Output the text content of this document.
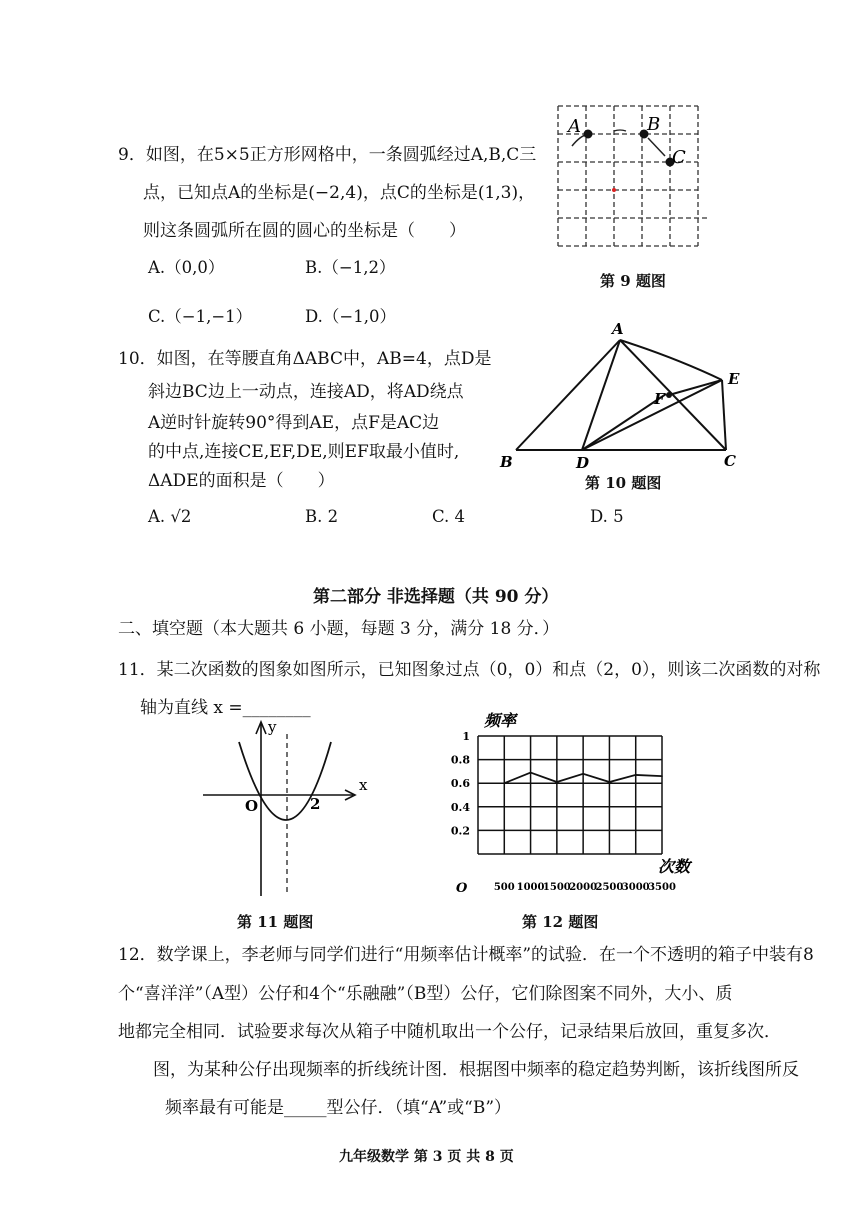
9．如图，在5×5正方形网格中，一条圆弧经过A,B,C三
点，已知点A的坐标是(−2,4)，点C的坐标是(1,3)，
则这条圆弧所在圆的圆心的坐标是（　　）
A.（0,0）	B.（−1,2）
C.（−1,−1）	D.（−1,0）
A	B
C
第 9 题图
10．如图，在等腰直角ΔABC中，AB=4，点D是
斜边BC边上一动点，连接AD，将AD绕点
A逆时针旋转90°得到AE，点F是AC边
的中点,连接CE,EF,DE,则EF取最小值时,
ΔADE的面积是（　　）
A. √2	B. 2	C. 4	D. 5
A
B	C
D
E
F
第 10 题图
第二部分 非选择题（共 90 分）
二、填空题（本大题共 6 小题，每题 3 分，满分 18 分．）
11．某二次函数的图象如图所示，已知图象过点（0，0）和点（2，0），则该二次函数的对称
轴为直线 x =________
y
x
O	2
第 11 题图
1
0.8
0.6
0.4
0.2
500 1000
1500
2000
2500
3000
3500
O
频率
次数
第 12 题图
12．数学课上，李老师与同学们进行“用频率估计概率”的试验．在一个不透明的箱子中装有8
个“喜洋洋”（A型）公仔和4个“乐融融”（B型）公仔，它们除图案不同外，大小、质
地都完全相同．试验要求每次从箱子中随机取出一个公仔，记录结果后放回，重复多次．
图，为某种公仔出现频率的折线统计图．根据图中频率的稳定趋势判断，该折线图所反
频率最有可能是_____型公仔．（填“A”或“B”）
九年级数学 第 3 页 共 8 页
